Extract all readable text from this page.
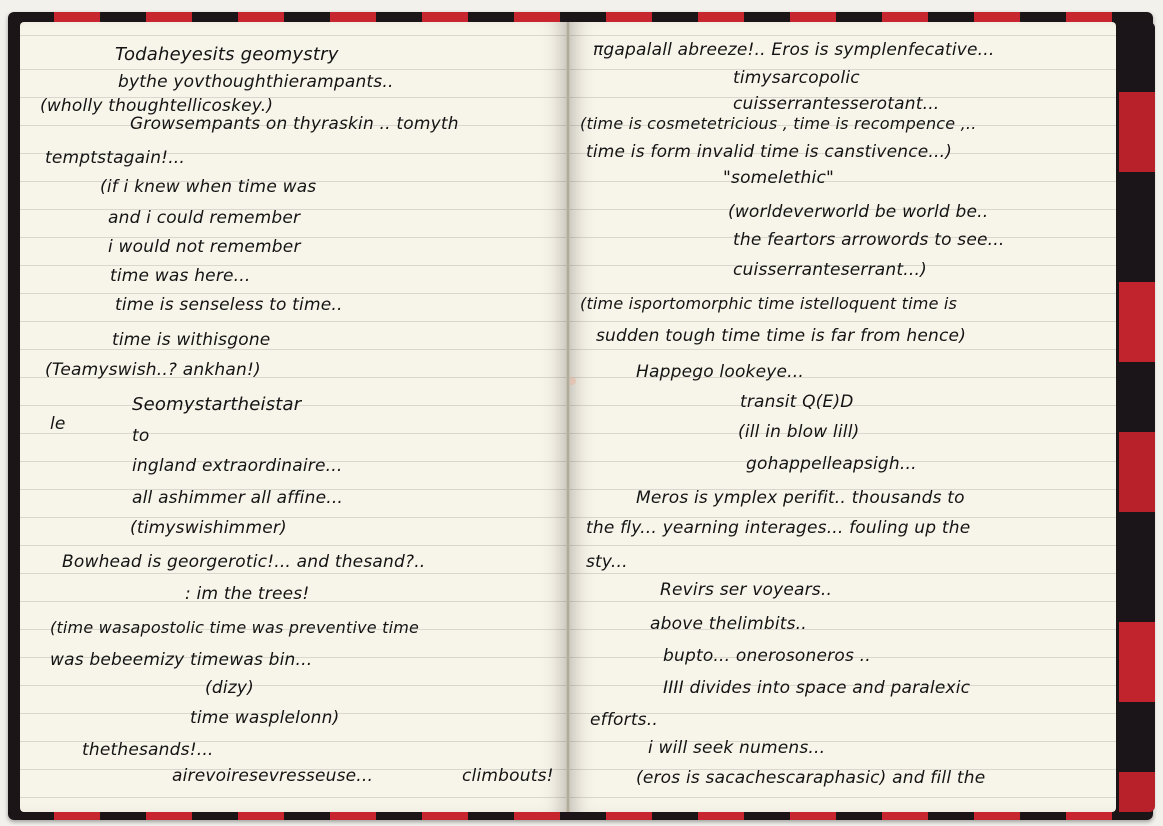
Todaheyesits geomystry
bythe yovthoughthierampants..
(wholly thoughtellicoskey.)
Growsempants on thyraskin .. tomyth
temptstagain!...
(if i knew when time was
and i could remember
i would not remember
time was here...
time is senseless to time..
time is withisgone
(Teamyswish..? ankhan!)
le
Seomystartheistar
to
ingland extraordinaire...
all ashimmer all affine...
(timyswishimmer)
Bowhead is georgerotic!... and thesand?..
: im the trees!
(time wasapostolic time was preventive time
was bebeemizy timewas bin...
(dizy)
time wasplelonn)
thethesands!...
airevoiresevresseuse...	climbouts!
πgapalall abreeze!.. Eros is symplenfecative...
timysarcopolic
cuisserrantesserotant...
(time is cosmetetricious , time is recompence ,..
time is form invalid time is canstivence...)
"somelethic"
(worldeverworld be world be..
the feartors arrowords to see...
cuisserranteserrant...)
(time isportomorphic time istelloquent time is
sudden tough time time is far from hence)
Happego lookeye...
transit Q(E)D
(ill in blow lill)
gohappelleapsigh...
Meros is ymplex perifit.. thousands to
the fly... yearning interages... fouling up the
sty...
Revirs ser voyears..
above thelimbits..
bupto... onerosoneros ..
IIII divides into space and paralexic
efforts..
i will seek numens...
(eros is sacachescaraphasic) and fill the
